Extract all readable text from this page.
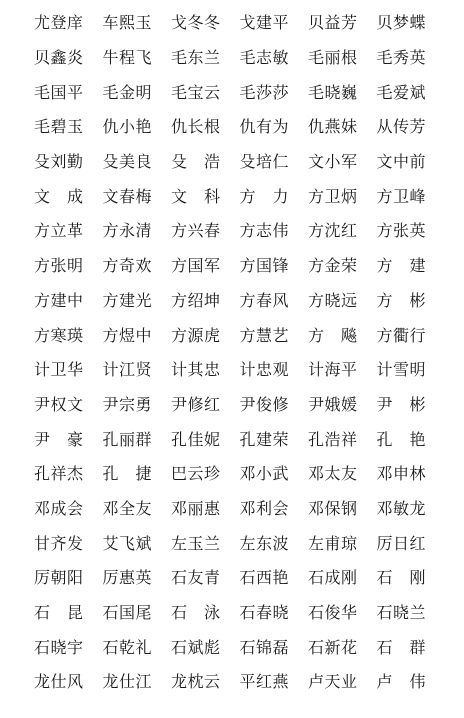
尤登庠	车熙玉	戈冬冬	戈建平	贝益芳	贝梦蝶
贝鑫炎	牛程飞	毛东兰	毛志敏	毛丽根	毛秀英
毛国平	毛金明	毛宝云	毛莎莎	毛晓巍	毛爱斌
毛碧玉	仇小艳	仇长根	仇有为	仇燕妹	从传芳
殳刘勤	殳美良	殳　浩	殳培仁	文小军	文中前
文　成	文春梅	文　科	方　力	方卫炳	方卫峰
方立革	方永清	方兴春	方志伟	方沈红	方张英
方张明	方奇欢	方国军	方国锋	方金荣	方　建
方建中	方建光	方绍坤	方春风	方晓远	方　彬
方寒瑛	方煜中	方源虎	方慧艺	方　飚	方衢行
计卫华	计江贤	计其忠	计忠观	计海平	计雪明
尹权文	尹宗勇	尹修红	尹俊修	尹娥媛	尹　彬
尹　豪	孔丽群	孔佳妮	孔建荣	孔浩祥	孔　艳
孔祥杰	孔　捷	巴云珍	邓小武	邓太友	邓申林
邓成会	邓全友	邓丽惠	邓利会	邓保钢	邓敏龙
甘齐发	艾飞斌	左玉兰	左东波	左甫琼	厉日红
厉朝阳	厉惠英	石友青	石西艳	石成刚	石　刚
石　昆	石国尾	石　泳	石春晓	石俊华	石晓兰
石晓宇	石乾礼	石斌彪	石锦磊	石新花	石　群
龙仕风	龙仕江	龙枕云	平红燕	卢天业	卢　伟
